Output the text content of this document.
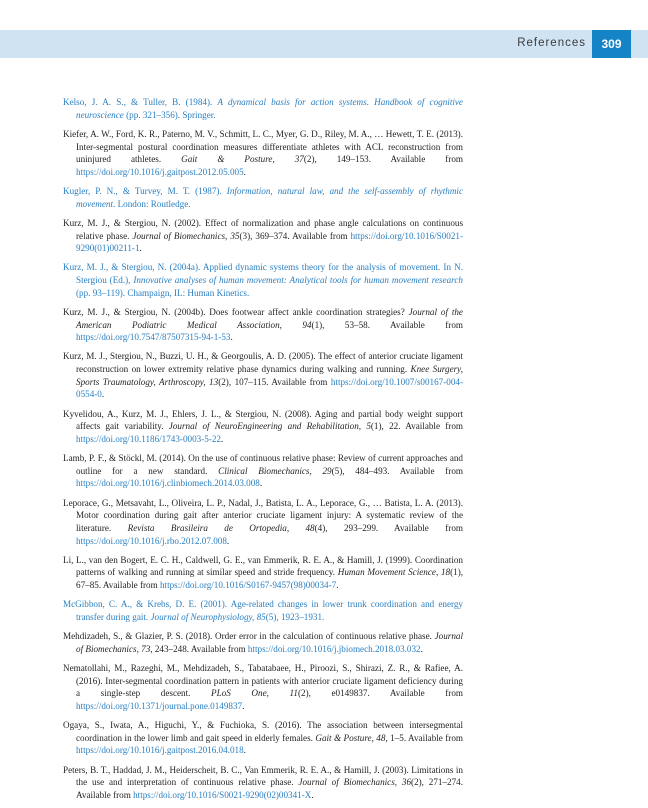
References 309

Kelso, J. A. S., & Tuller, B. (1984). A dynamical basis for action systems. Handbook of cognitive neuroscience (pp. 321–356). Springer.

Kiefer, A. W., Ford, K. R., Paterno, M. V., Schmitt, L. C., Myer, G. D., Riley, M. A., … Hewett, T. E. (2013). Inter-segmental postural coordination measures differentiate athletes with ACL reconstruction from uninjured athletes. Gait & Posture, 37(2), 149–153. Available from https://doi.org/10.1016/j.gaitpost.2012.05.005.

Kugler, P. N., & Turvey, M. T. (1987). Information, natural law, and the self-assembly of rhythmic movement. London: Routledge.

Kurz, M. J., & Stergiou, N. (2002). Effect of normalization and phase angle calculations on continuous relative phase. Journal of Biomechanics, 35(3), 369–374. Available from https://doi.org/10.1016/S0021-9290(01)00211-1.

Kurz, M. J., & Stergiou, N. (2004a). Applied dynamic systems theory for the analysis of movement. In N. Stergiou (Ed.), Innovative analyses of human movement: Analytical tools for human movement research (pp. 93–119). Champaign, IL: Human Kinetics.

Kurz, M. J., & Stergiou, N. (2004b). Does footwear affect ankle coordination strategies? Journal of the American Podiatric Medical Association, 94(1), 53–58. Available from https://doi.org/10.7547/87507315-94-1-53.

Kurz, M. J., Stergiou, N., Buzzi, U. H., & Georgoulis, A. D. (2005). The effect of anterior cruciate ligament reconstruction on lower extremity relative phase dynamics during walking and running. Knee Surgery, Sports Traumatology, Arthroscopy, 13(2), 107–115. Available from https://doi.org/10.1007/s00167-004-0554-0.

Kyvelidou, A., Kurz, M. J., Ehlers, J. L., & Stergiou, N. (2008). Aging and partial body weight support affects gait variability. Journal of NeuroEngineering and Rehabilitation, 5(1), 22. Available from https://doi.org/10.1186/1743-0003-5-22.

Lamb, P. F., & Stöckl, M. (2014). On the use of continuous relative phase: Review of current approaches and outline for a new standard. Clinical Biomechanics, 29(5), 484–493. Available from https://doi.org/10.1016/j.clinbiomech.2014.03.008.

Leporace, G., Metsavaht, L., Oliveira, L. P., Nadal, J., Batista, L. A., Leporace, G., … Batista, L. A. (2013). Motor coordination during gait after anterior cruciate ligament injury: A systematic review of the literature. Revista Brasileira de Ortopedia, 48(4), 293–299. Available from https://doi.org/10.1016/j.rbo.2012.07.008.

Li, L., van den Bogert, E. C. H., Caldwell, G. E., van Emmerik, R. E. A., & Hamill, J. (1999). Coordination patterns of walking and running at similar speed and stride frequency. Human Movement Science, 18(1), 67–85. Available from https://doi.org/10.1016/S0167-9457(98)00034-7.

McGibbon, C. A., & Krebs, D. E. (2001). Age-related changes in lower trunk coordination and energy transfer during gait. Journal of Neurophysiology, 85(5), 1923–1931.

Mehdizadeh, S., & Glazier, P. S. (2018). Order error in the calculation of continuous relative phase. Journal of Biomechanics, 73, 243–248. Available from https://doi.org/10.1016/j.jbiomech.2018.03.032.

Nematollahi, M., Razeghi, M., Mehdizadeh, S., Tabatabaee, H., Piroozi, S., Shirazi, Z. R., & Rafiee, A. (2016). Inter-segmental coordination pattern in patients with anterior cruciate ligament deficiency during a single-step descent. PLoS One, 11(2), e0149837. Available from https://doi.org/10.1371/journal.pone.0149837.

Ogaya, S., Iwata, A., Higuchi, Y., & Fuchioka, S. (2016). The association between intersegmental coordination in the lower limb and gait speed in elderly females. Gait & Posture, 48, 1–5. Available from https://doi.org/10.1016/j.gaitpost.2016.04.018.

Peters, B. T., Haddad, J. M., Heiderscheit, B. C., Van Emmerik, R. E. A., & Hamill, J. (2003). Limitations in the use and interpretation of continuous relative phase. Journal of Biomechanics, 36(2), 271–274. Available from https://doi.org/10.1016/S0021-9290(02)00341-X.
